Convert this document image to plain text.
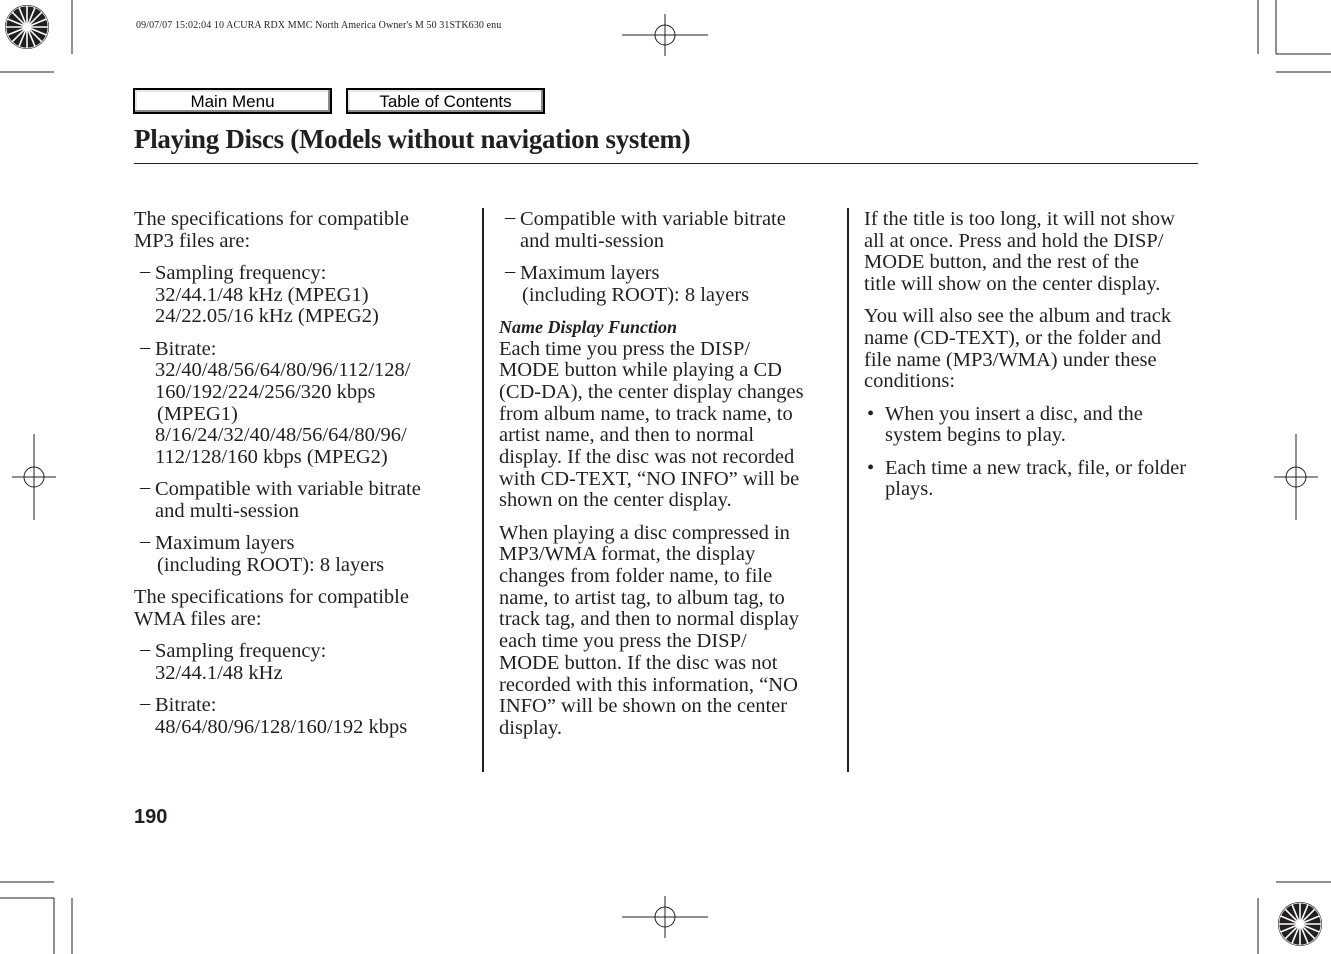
09/07/07 15:02:04 10 ACURA RDX MMC North America Owner's M 50 31STK630 enu
Main Menu	Table of Contents
Playing Discs (Models without navigation system)

The specifications for compatible
MP3 files are:

– Sampling frequency:
32/44.1/48 kHz (MPEG1)
24/22.05/16 kHz (MPEG2)
– Bitrate:
32/40/48/56/64/80/96/112/128/
160/192/224/256/320 kbps
(MPEG1)
8/16/24/32/40/48/56/64/80/96/
112/128/160 kbps (MPEG2)
– Compatible with variable bitrate
and multi-session
– Maximum layers
(including ROOT): 8 layers

The specifications for compatible
WMA files are:

– Sampling frequency:
32/44.1/48 kHz
– Bitrate:
48/64/80/96/128/160/192 kbps
– Compatible with variable bitrate
and multi-session
– Maximum layers
(including ROOT): 8 layers
Name Display Function

Each time you press the DISP/
MODE button while playing a CD
(CD-DA), the center display changes
from album name, to track name, to
artist name, and then to normal
display. If the disc was not recorded
with CD-TEXT, “NO INFO” will be
shown on the center display.

When playing a disc compressed in
MP3/WMA format, the display
changes from folder name, to file
name, to artist tag, to album tag, to
track tag, and then to normal display
each time you press the DISP/
MODE button. If the disc was not
recorded with this information, “NO
INFO” will be shown on the center
display.

If the title is too long, it will not show
all at once. Press and hold the DISP/
MODE button, and the rest of the
title will show on the center display.

You will also see the album and track
name (CD-TEXT), or the folder and
file name (MP3/WMA) under these
conditions:

• When you insert a disc, and the system begins to play.
• Each time a new track, file, or folder plays.
190
